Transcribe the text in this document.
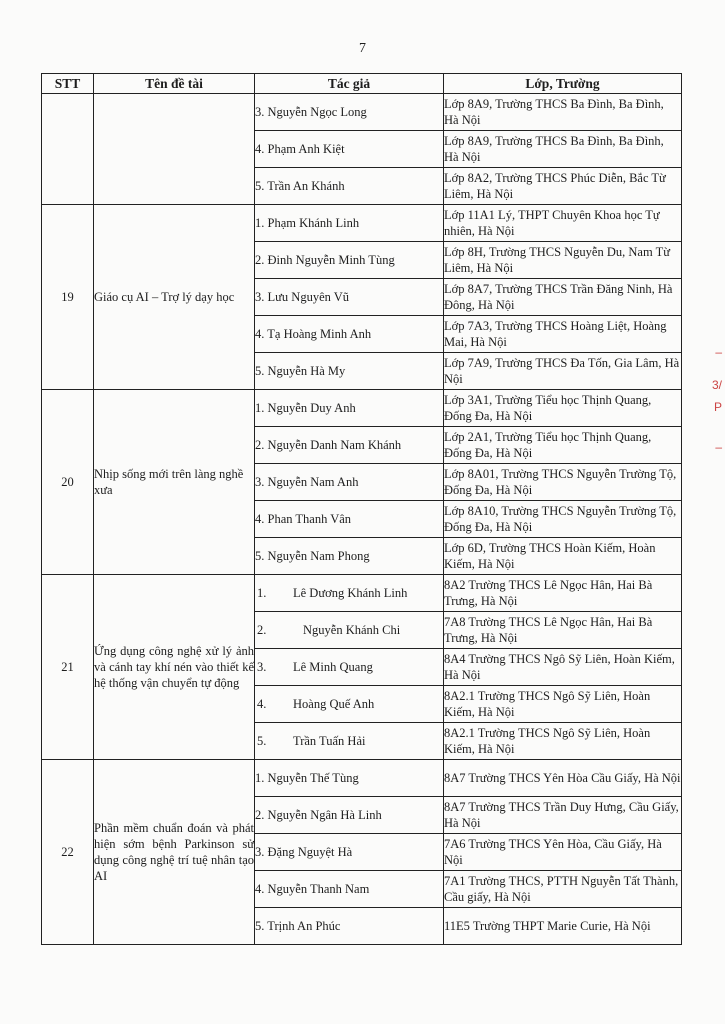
7
STT	Tên đề tài	Tác giả	Lớp, Trường
		3. Nguyễn Ngọc Long	Lớp 8A9, Trường THCS Ba Đình, Ba Đình, Hà Nội
		4. Phạm Anh Kiệt	Lớp 8A9, Trường THCS Ba Đình, Ba Đình, Hà Nội
		5. Trần An Khánh	Lớp 8A2, Trường THCS Phúc Diễn, Bắc Từ Liêm, Hà Nội
19	Giáo cụ AI – Trợ lý dạy học	1. Phạm Khánh Linh	Lớp 11A1 Lý, THPT Chuyên Khoa học Tự nhiên, Hà Nội
		2. Đinh Nguyễn Minh Tùng	Lớp 8H, Trường THCS Nguyễn Du, Nam Từ Liêm, Hà Nội
		3. Lưu Nguyên Vũ	Lớp 8A7, Trường THCS Trần Đăng Ninh, Hà Đông, Hà Nội
		4. Tạ Hoàng Minh Anh	Lớp 7A3, Trường THCS Hoàng Liệt, Hoàng Mai, Hà Nội
		5. Nguyễn Hà My	Lớp 7A9, Trường THCS Đa Tốn, Gia Lâm, Hà Nội
20	Nhịp sống mới trên làng nghề xưa	1. Nguyễn Duy Anh	Lớp 3A1, Trường Tiểu học Thịnh Quang, Đống Đa, Hà Nội
		2. Nguyễn Danh Nam Khánh	Lớp 2A1, Trường Tiểu học Thịnh Quang, Đống Đa, Hà Nội
		3. Nguyễn Nam Anh	Lớp 8A01, Trường THCS Nguyễn Trường Tộ, Đống Đa, Hà Nội
		4. Phan Thanh Vân	Lớp 8A10, Trường THCS Nguyễn Trường Tộ, Đống Đa, Hà Nội
		5. Nguyễn Nam Phong	Lớp 6D, Trường THCS Hoàn Kiếm, Hoàn Kiếm, Hà Nội
21	Ứng dụng công nghệ xử lý ảnh và cánh tay khí nén vào thiết kế hệ thống vận chuyển tự động	1. Lê Dương Khánh Linh	8A2 Trường THCS Lê Ngọc Hân, Hai Bà Trưng, Hà Nội
		2. Nguyễn Khánh Chi	7A8 Trường THCS Lê Ngọc Hân, Hai Bà Trưng, Hà Nội
		3. Lê Minh Quang	8A4 Trường THCS Ngô Sỹ Liên, Hoàn Kiếm, Hà Nội
		4. Hoàng Quế Anh	8A2.1 Trường THCS Ngô Sỹ Liên, Hoàn Kiếm, Hà Nội
		5. Trần Tuấn Hải	8A2.1 Trường THCS Ngô Sỹ Liên, Hoàn Kiếm, Hà Nội
22	Phần mềm chuẩn đoán và phát hiện sớm bệnh Parkinson sử dụng công nghệ trí tuệ nhân tạo AI	1. Nguyễn Thế Tùng	8A7 Trường THCS Yên Hòa Cầu Giấy, Hà Nội
		2. Nguyễn Ngân Hà Linh	8A7 Trường THCS Trần Duy Hưng, Cầu Giấy, Hà Nội
		3. Đặng Nguyệt Hà	7A6 Trường THCS Yên Hòa, Cầu Giấy, Hà Nội
		4. Nguyễn Thanh Nam	7A1 Trường THCS, PTTH Nguyễn Tất Thành, Cầu giấy, Hà Nội
		5. Trịnh An Phúc	11E5 Trường THPT Marie Curie, Hà Nội
–
3/
P
–
